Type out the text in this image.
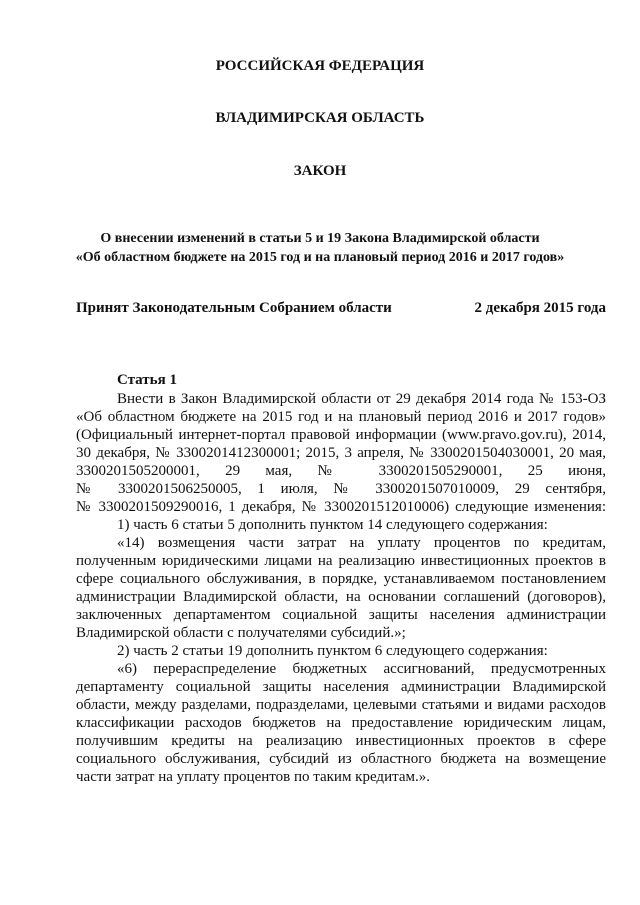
РОССИЙСКАЯ ФЕДЕРАЦИЯ
ВЛАДИМИРСКАЯ ОБЛАСТЬ
ЗАКОН
О внесении изменений в статьи 5 и 19 Закона Владимирской области
«Об областном бюджете на 2015 год и на плановый период 2016 и 2017 годов»
Принят Законодательным Собранием области	2 декабря 2015 года
Статья 1
Внести в Закон Владимирской области от 29 декабря 2014 года № 153-ОЗ
«Об областном бюджете на 2015 год и на плановый период 2016 и 2017 годов»
(Официальный интернет-портал правовой информации (www.pravo.gov.ru), 2014,
30 декабря, № 3300201412300001; 2015, 3 апреля, № 3300201504030001, 20 мая,
3300201505200001, 29 мая, № 3300201505290001, 25 июня,
№ 3300201506250005, 1 июля, № 3300201507010009, 29 сентября,
№ 3300201509290016, 1 декабря, № 3300201512010006) следующие изменения:
1) часть 6 статьи 5 дополнить пунктом 14 следующего содержания:
«14) возмещения части затрат на уплату процентов по кредитам,
полученным юридическими лицами на реализацию инвестиционных проектов в
сфере социального обслуживания, в порядке, устанавливаемом постановлением
администрации Владимирской области, на основании соглашений (договоров),
заключенных департаментом социальной защиты населения администрации
Владимирской области с получателями субсидий.»;
2) часть 2 статьи 19 дополнить пунктом 6 следующего содержания:
«6) перераспределение бюджетных ассигнований, предусмотренных
департаменту социальной защиты населения администрации Владимирской
области, между разделами, подразделами, целевыми статьями и видами расходов
классификации расходов бюджетов на предоставление юридическим лицам,
получившим кредиты на реализацию инвестиционных проектов в сфере
социального обслуживания, субсидий из областного бюджета на возмещение
части затрат на уплату процентов по таким кредитам.».
